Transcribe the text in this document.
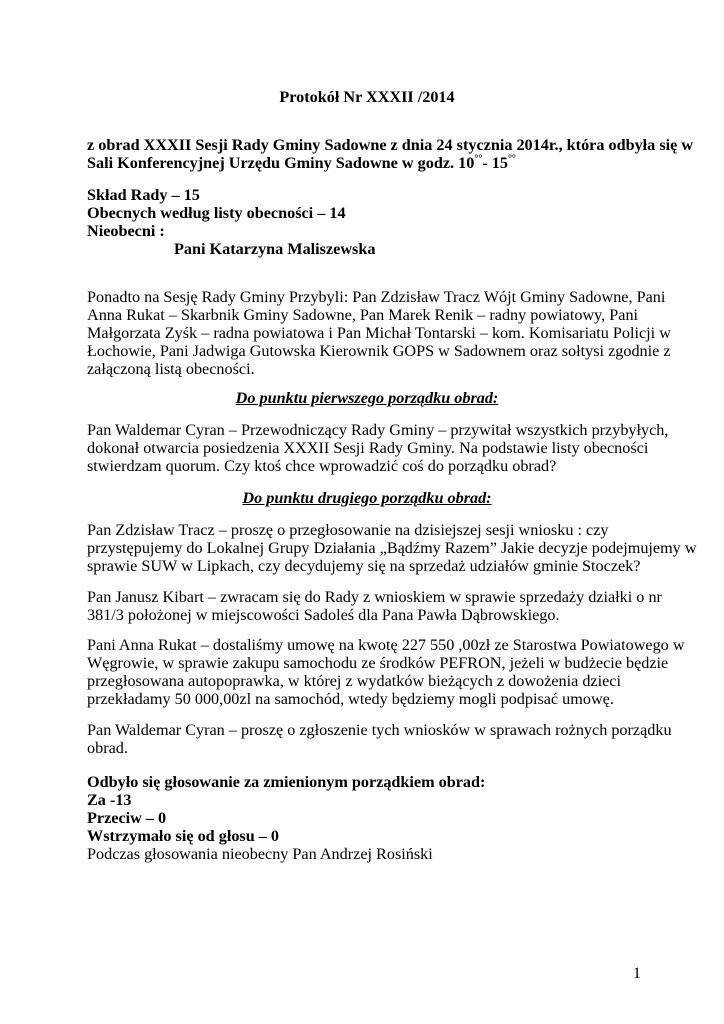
Protokół Nr XXXII /2014

z obrad XXXII Sesji Rady Gminy Sadowne z dnia 24 stycznia 2014r., która odbyła się w
Sali Konferencyjnej Urzędu Gminy Sadowne w godz. 10°°- 15°°

Skład Rady – 15
Obecnych według listy obecności – 14
Nieobecni :
Pani Katarzyna Maliszewska
Ponadto na Sesję Rady Gminy Przybyli: Pan Zdzisław Tracz Wójt Gminy Sadowne, Pani
Anna Rukat – Skarbnik Gminy Sadowne, Pan Marek Renik – radny powiatowy, Pani
Małgorzata Zyśk – radna powiatowa i Pan Michał Tontarski – kom. Komisariatu Policji w
Łochowie, Pani Jadwiga Gutowska Kierownik GOPS w Sadownem oraz sołtysi zgodnie z
załączoną listą obecności.

Do punktu pierwszego porządku obrad:

Pan Waldemar Cyran – Przewodniczący Rady Gminy – przywitał wszystkich przybyłych,
dokonał otwarcia posiedzenia XXXII Sesji Rady Gminy. Na podstawie listy obecności
stwierdzam quorum. Czy ktoś chce wprowadzić coś do porządku obrad?

Do punktu drugiego porządku obrad:

Pan Zdzisław Tracz – proszę o przegłosowanie na dzisiejszej sesji wniosku : czy
przystępujemy do Lokalnej Grupy Działania „Bądźmy Razem” Jakie decyzje podejmujemy w
sprawie SUW w Lipkach, czy decydujemy się na sprzedaż udziałów gminie Stoczek?
Pan Janusz Kibart – zwracam się do Rady z wnioskiem w sprawie sprzedaży działki o nr
381/3 położonej w miejscowości Sadoleś dla Pana Pawła Dąbrowskiego.
Pani Anna Rukat – dostaliśmy umowę na kwotę 227 550 ,00zł ze Starostwa Powiatowego w
Węgrowie, w sprawie zakupu samochodu ze środków PEFRON, jeżeli w budżecie będzie
przegłosowana autopoprawka, w której z wydatków bieżących z dowożenia dzieci
przekładamy 50 000,00zl na samochód, wtedy będziemy mogli podpisać umowę.
Pan Waldemar Cyran – proszę o zgłoszenie tych wniosków w sprawach rożnych porządku
obrad.
Odbyło się głosowanie za zmienionym porządkiem obrad:
Za -13
Przeciw – 0
Wstrzymało się od głosu – 0
Podczas głosowania nieobecny Pan Andrzej Rosiński
1
